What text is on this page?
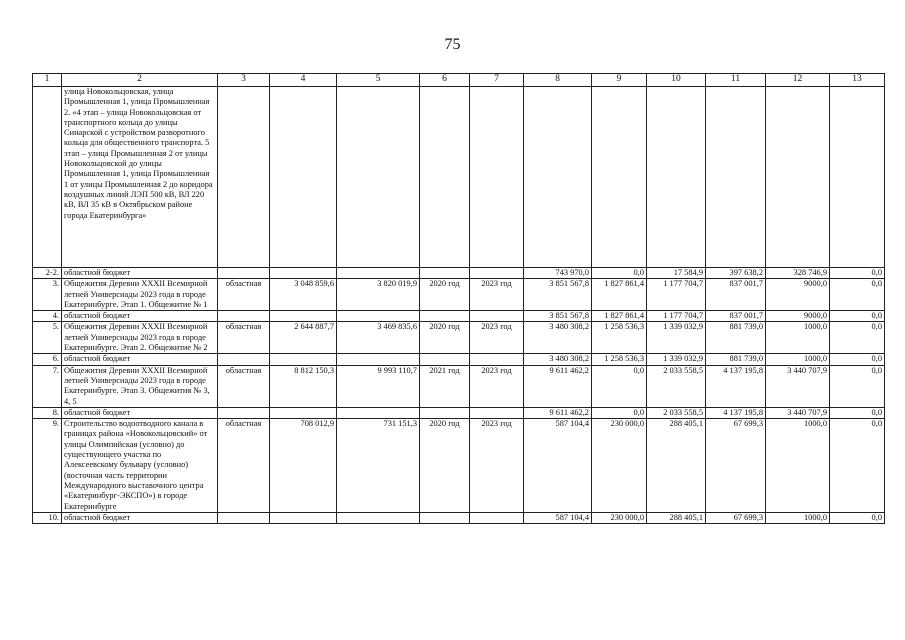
75
1	2	3	4	5	6	7	8	9	10	11	12	13
	улица Новокольцовская, улица Промышленная 1, улица Промышленная 2. «4 этап – улица Новокольцовская от транспортного кольца до улицы Синарской с устройством разворотного кольца для общественного транспорта. 5 этап – улица Промышленная 2 от улицы Новокольцовской до улицы Промышленная 1, улица Промышленная 1 от улицы Промышленная 2 до коридора воздушных линий ЛЭП 500 кВ, ВЛ 220 кВ, ВЛ 35 кВ в Октябрьском районе города Екатеринбурга»											
2-2.	областной бюджет						743 970,0	0,0	17 584,9	397 638,2	328 746,9	0,0
3.	Общежития Деревни XXXII Всемирной летней Универсиады 2023 года в городе Екатеринбурге. Этап 1. Общежитие № 1	областная	3 048 859,6	3 820 019,9	2020 год	2023 год	3 851 567,8	1 827 861,4	1 177 704,7	837 001,7	9000,0	0,0
4.	областной бюджет						3 851 567,8	1 827 861,4	1 177 704,7	837 001,7	9000,0	0,0
5.	Общежития Деревни XXXII Всемирной летней Универсиады 2023 года в городе Екатеринбурге. Этап 2. Общежитие № 2	областная	2 644 887,7	3 469 835,6	2020 год	2023 год	3 480 308,2	1 258 536,3	1 339 032,9	881 739,0	1000,0	0,0
6.	областной бюджет						3 480 308,2	1 258 536,3	1 339 032,9	881 739,0	1000,0	0,0
7.	Общежития Деревни XXXII Всемирной летней Универсиады 2023 года в городе Екатеринбурге. Этап 3. Общежития № 3, 4, 5	областная	8 812 150,3	9 993 110,7	2021 год	2023 год	9 611 462,2	0,0	2 033 558,5	4 137 195,8	3 440 707,9	0,0
8.	областной бюджет						9 611 462,2	0,0	2 033 558,5	4 137 195,8	3 440 707,9	0,0
9.	Строительство водоотводного канала в границах района «Новокольцовский» от улицы Олимпийская (условно) до существующего участка по Алексеевскому бульвару (условно) (восточная часть территории Международного выставочного центра «Екатеринбург-ЭКСПО») в городе Екатеринбурге	областная	708 012,9	731 151,3	2020 год	2023 год	587 104,4	230 000,0	288 405,1	67 699,3	1000,0	0,0
10.	областной бюджет						587 104,4	230 000,0	288 405,1	67 699,3	1000,0	0,0
